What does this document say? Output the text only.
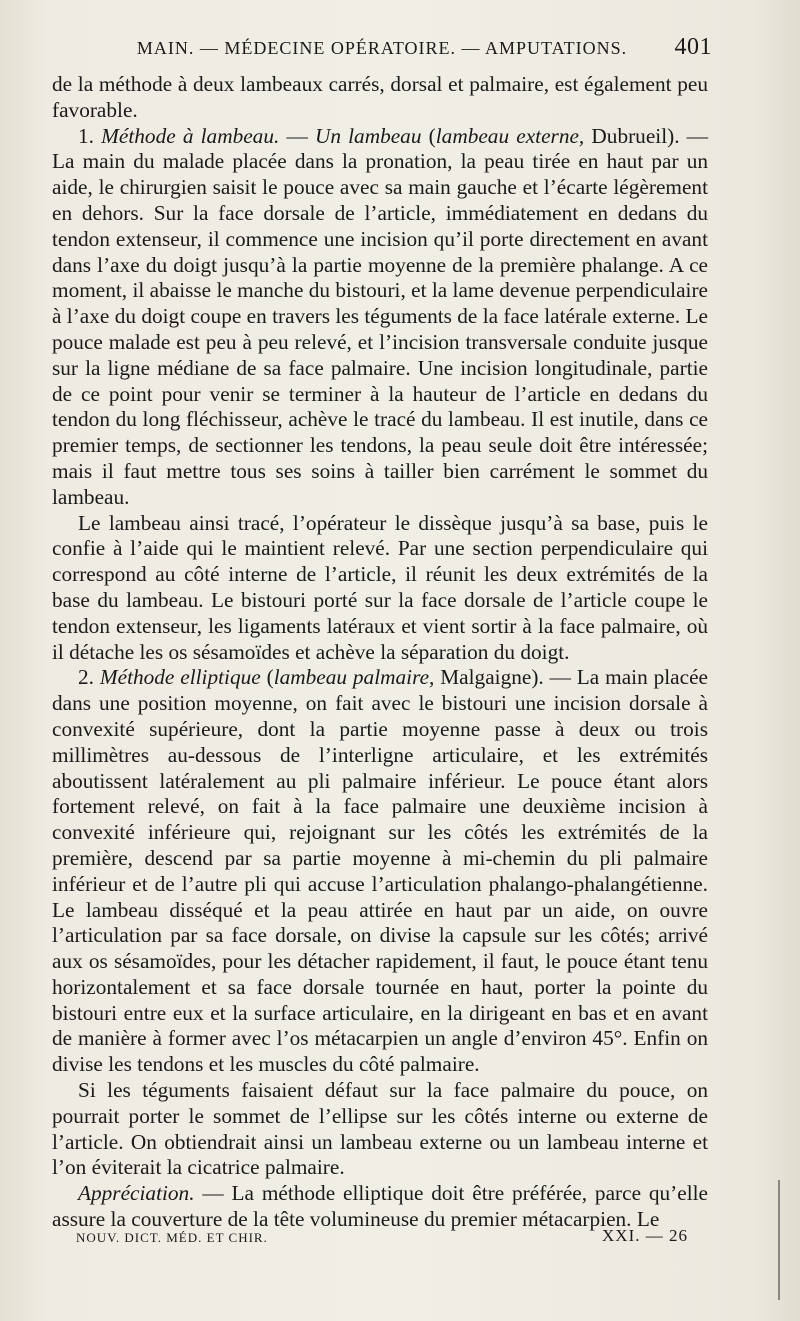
MAIN. — MÉDECINE OPÉRATOIRE. — AMPUTATIONS.	401

de la méthode à deux lambeaux carrés, dorsal et palmaire, est également peu favorable.

1. Méthode à lambeau. — Un lambeau (lambeau externe, Dubrueil). — La main du malade placée dans la pronation, la peau tirée en haut par un aide, le chirurgien saisit le pouce avec sa main gauche et l’écarte légèrement en dehors. Sur la face dorsale de l’article, immédiatement en dedans du tendon extenseur, il commence une incision qu’il porte directement en avant dans l’axe du doigt jusqu’à la partie moyenne de la première phalange. A ce moment, il abaisse le manche du bistouri, et la lame devenue perpendiculaire à l’axe du doigt coupe en travers les téguments de la face latérale externe. Le pouce malade est peu à peu relevé, et l’incision transversale conduite jusque sur la ligne médiane de sa face palmaire. Une incision longitudinale, partie de ce point pour venir se terminer à la hauteur de l’article en dedans du tendon du long fléchisseur, achève le tracé du lambeau. Il est inutile, dans ce premier temps, de sectionner les tendons, la peau seule doit être intéressée; mais il faut mettre tous ses soins à tailler bien carrément le sommet du lambeau.

Le lambeau ainsi tracé, l’opérateur le dissèque jusqu’à sa base, puis le confie à l’aide qui le maintient relevé. Par une section perpendiculaire qui correspond au côté interne de l’article, il réunit les deux extrémités de la base du lambeau. Le bistouri porté sur la face dorsale de l’article coupe le tendon extenseur, les ligaments latéraux et vient sortir à la face palmaire, où il détache les os sésamoïdes et achève la séparation du doigt.

2. Méthode elliptique (lambeau palmaire, Malgaigne). — La main placée dans une position moyenne, on fait avec le bistouri une incision dorsale à convexité supérieure, dont la partie moyenne passe à deux ou trois millimètres au-dessous de l’interligne articulaire, et les extrémités aboutissent latéralement au pli palmaire inférieur. Le pouce étant alors fortement relevé, on fait à la face palmaire une deuxième incision à convexité inférieure qui, rejoignant sur les côtés les extrémités de la première, descend par sa partie moyenne à mi-chemin du pli palmaire inférieur et de l’autre pli qui accuse l’articulation phalango-phalangétienne. Le lambeau disséqué et la peau attirée en haut par un aide, on ouvre l’articulation par sa face dorsale, on divise la capsule sur les côtés; arrivé aux os sésamoïdes, pour les détacher rapidement, il faut, le pouce étant tenu horizontalement et sa face dorsale tournée en haut, porter la pointe du bistouri entre eux et la surface articulaire, en la dirigeant en bas et en avant de manière à former avec l’os métacarpien un angle d’environ 45°. Enfin on divise les tendons et les muscles du côté palmaire.

Si les téguments faisaient défaut sur la face palmaire du pouce, on pourrait porter le sommet de l’ellipse sur les côtés interne ou externe de l’article. On obtiendrait ainsi un lambeau externe ou un lambeau interne et l’on éviterait la cicatrice palmaire.

Appréciation. — La méthode elliptique doit être préférée, parce qu’elle assure la couverture de la tête volumineuse du premier métacarpien. Le

NOUV. DICT. MÉD. ET CHIR.	XXI. — 26
